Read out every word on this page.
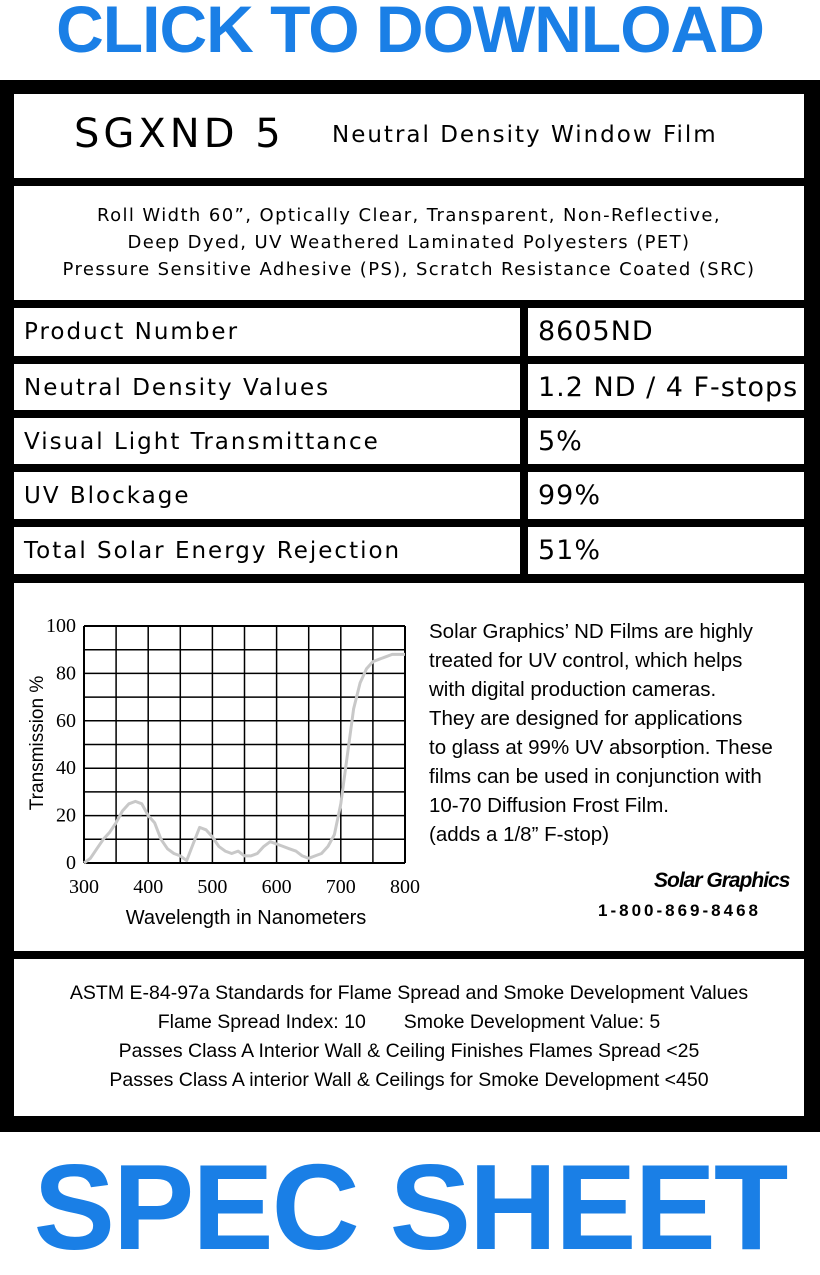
CLICK TO DOWNLOAD
SGXND 5 Neutral Density Window Film
Roll Width 60”, Optically Clear, Transparent, Non-Reflective,
Deep Dyed, UV Weathered Laminated Polyesters (PET)
Pressure Sensitive Adhesive (PS), Scratch Resistance Coated (SRC)
Product Number	8605ND
Neutral Density Values	1.2 ND / 4 F-stops
Visual Light Transmittance	5%
UV Blockage	99%
Total Solar Energy Rejection	51%
300 400 500 600 700 800
0
20
40
60
80
100
Transmission %
Wavelength in Nanometers
Solar Graphics’ ND Films are highly
treated for UV control, which helps
with digital production cameras.
They are designed for applications
to glass at 99% UV absorption. These
films can be used in conjunction with
10-70 Diffusion Frost Film.
(adds a 1/8” F-stop)
Solar Graphics
1-800-869-8468
ASTM E-84-97a Standards for Flame Spread and Smoke Development Values
Flame Spread Index: 10       Smoke Development Value: 5
Passes Class A Interior Wall & Ceiling Finishes Flames Spread <25
Passes Class A interior Wall & Ceilings for Smoke Development <450
SPEC SHEET
